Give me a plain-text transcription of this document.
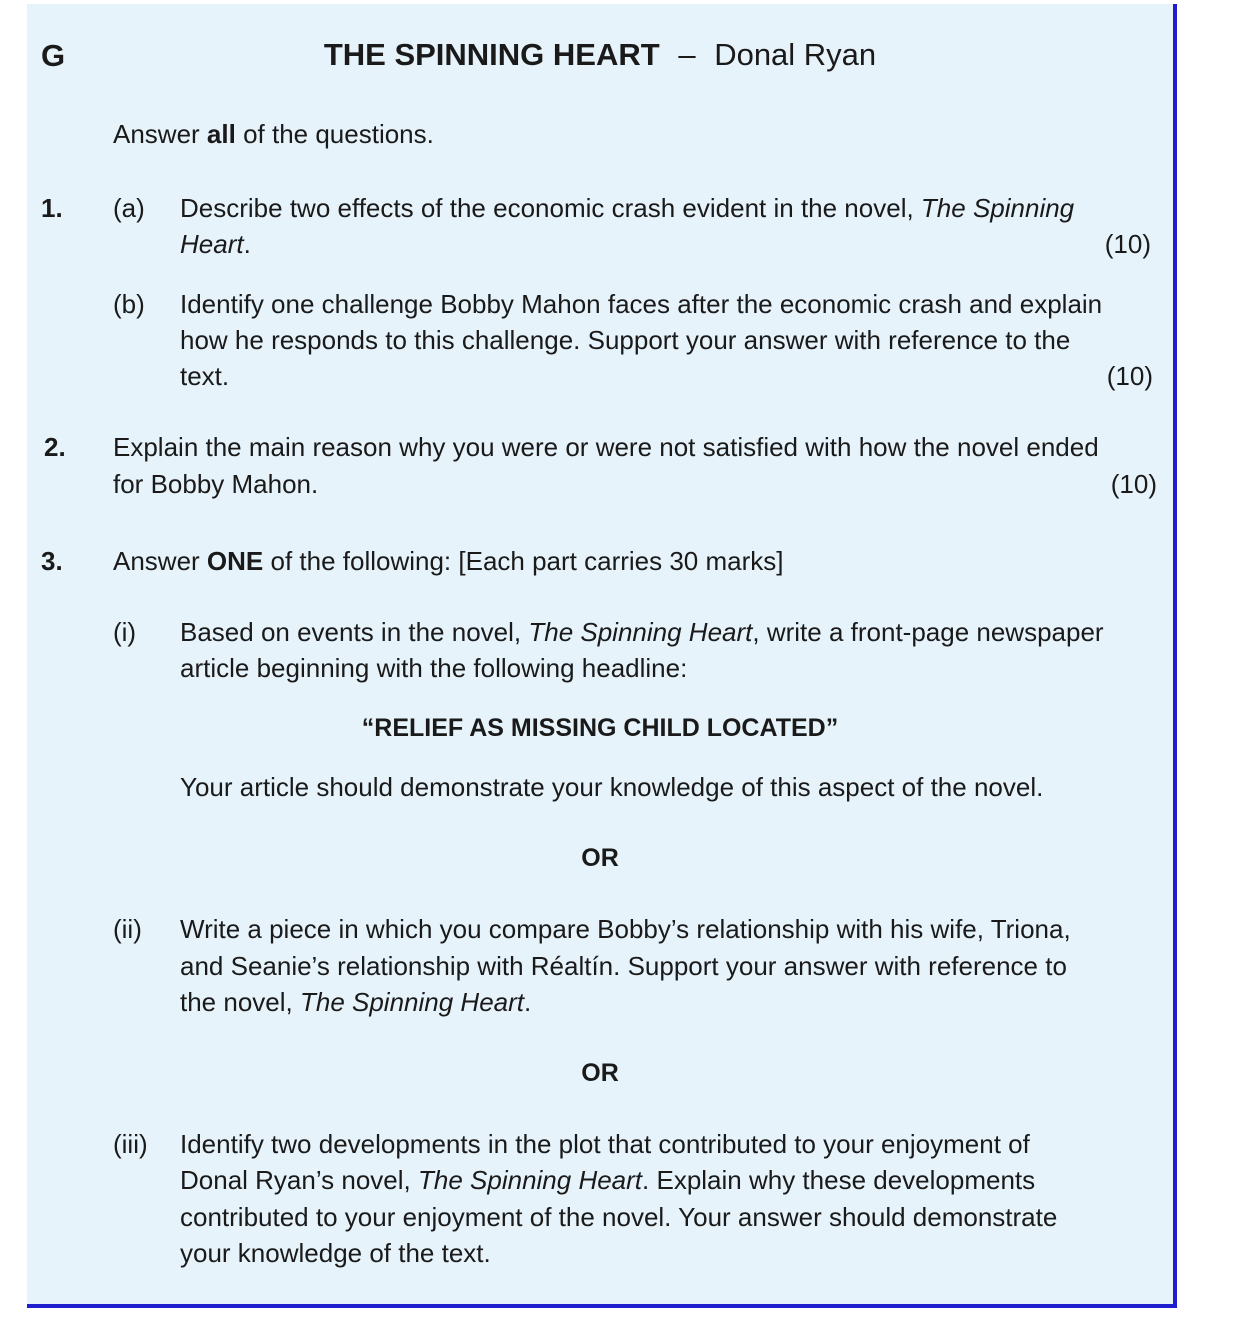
G	THE SPINNING HEART – Donal Ryan
Answer all of the questions.
1. (a) Describe two effects of the economic crash evident in the novel, The Spinning
Heart.	(10)
(b) Identify one challenge Bobby Mahon faces after the economic crash and explain
how he responds to this challenge. Support your answer with reference to the
text.	(10)
2. Explain the main reason why you were or were not satisfied with how the novel ended
for Bobby Mahon.	(10)
3. Answer ONE of the following: [Each part carries 30 marks]
(i) Based on events in the novel, The Spinning Heart, write a front-page newspaper
article beginning with the following headline:
“RELIEF AS MISSING CHILD LOCATED”
Your article should demonstrate your knowledge of this aspect of the novel.
OR
(ii) Write a piece in which you compare Bobby’s relationship with his wife, Triona,
and Seanie’s relationship with Réaltín. Support your answer with reference to
the novel, The Spinning Heart.
OR
(iii) Identify two developments in the plot that contributed to your enjoyment of
Donal Ryan’s novel, The Spinning Heart. Explain why these developments
contributed to your enjoyment of the novel. Your answer should demonstrate
your knowledge of the text.
